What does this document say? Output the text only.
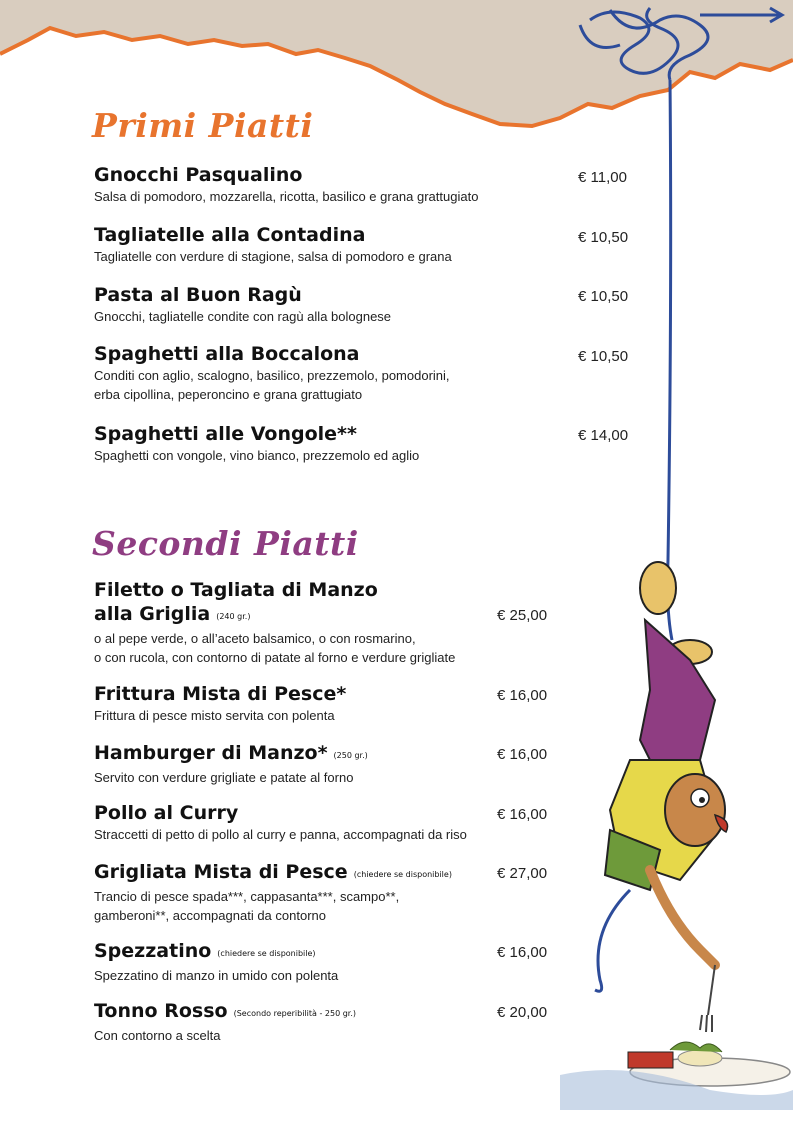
Primi Piatti
Gnocchi Pasqualino
Salsa di pomodoro, mozzarella, ricotta, basilico e grana grattugiato
€ 11,00
Tagliatelle alla Contadina
Tagliatelle con verdure di stagione, salsa di pomodoro e grana
€ 10,50
Pasta al Buon Ragù
Gnocchi, tagliatelle condite con ragù alla bolognese
€ 10,50
Spaghetti alla Boccalona
Conditi con aglio, scalogno, basilico, prezzemolo, pomodorini,
erba cipollina, peperoncino e grana grattugiato
€ 10,50
Spaghetti alle Vongole**
Spaghetti con vongole, vino bianco, prezzemolo ed aglio
€ 14,00
Secondi Piatti
Filetto o Tagliata di Manzo
alla Griglia (240 gr.)
o al pepe verde, o all’aceto balsamico, o con rosmarino,
o con rucola, con contorno di patate al forno e verdure grigliate
€ 25,00
Frittura Mista di Pesce*
Frittura di pesce misto servita con polenta
€ 16,00
Hamburger di Manzo* (250 gr.)
Servito con verdure grigliate e patate al forno
€ 16,00
Pollo al Curry
Straccetti di petto di pollo al curry e panna, accompagnati da riso
€ 16,00
Grigliata Mista di Pesce (chiedere se disponibile)
Trancio di pesce spada***, cappasanta***, scampo**,
gamberoni**, accompagnati da contorno
€ 27,00
Spezzatino (chiedere se disponibile)
Spezzatino di manzo in umido con polenta
€ 16,00
Tonno Rosso (Secondo reperibilità - 250 gr.)
Con contorno a scelta
€ 20,00
